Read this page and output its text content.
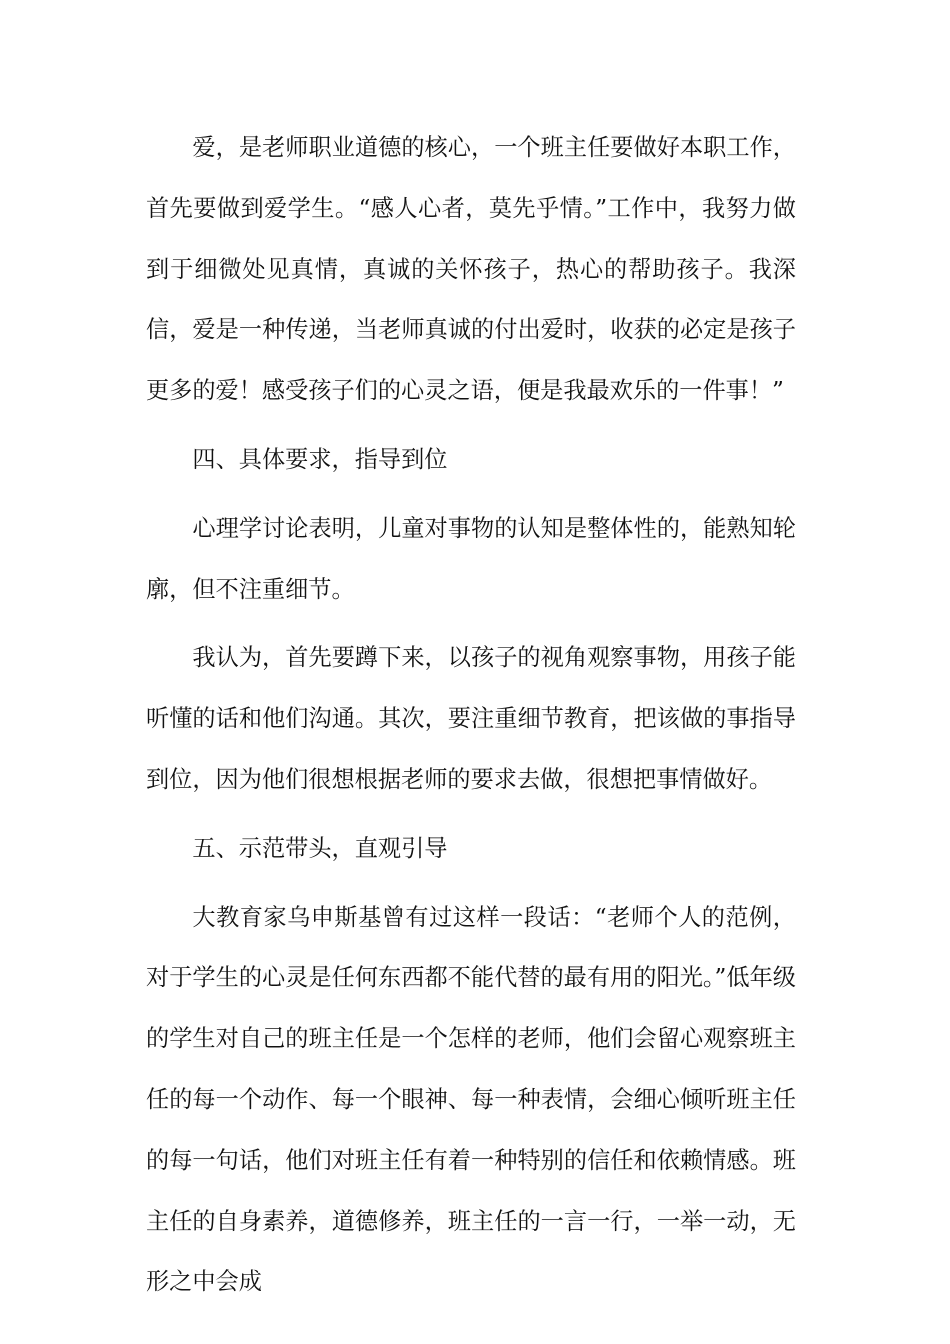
爱，是老师职业道德的核心，一个班主任要做好本职工作，首先要做到爱学生。“感人心者，莫先乎情。”工作中，我努力做到于细微处见真情，真诚的关怀孩子，热心的帮助孩子。我深信，爱是一种传递，当老师真诚的付出爱时，收获的必定是孩子更多的爱！感受孩子们的心灵之语，便是我最欢乐的一件事！”

四、具体要求，指导到位

心理学讨论表明，儿童对事物的认知是整体性的，能熟知轮廓，但不注重细节。

我认为，首先要蹲下来，以孩子的视角观察事物，用孩子能听懂的话和他们沟通。其次，要注重细节教育，把该做的事指导到位，因为他们很想根据老师的要求去做，很想把事情做好。

五、示范带头，直观引导

大教育家乌申斯基曾有过这样一段话：“老师个人的范例，对于学生的心灵是任何东西都不能代替的最有用的阳光。”低年级的学生对自己的班主任是一个怎样的老师，他们会留心观察班主任的每一个动作、每一个眼神、每一种表情，会细心倾听班主任的每一句话，他们对班主任有着一种特别的信任和依赖情感。班主任的自身素养，道德修养，班主任的一言一行，一举一动，无形之中会成
